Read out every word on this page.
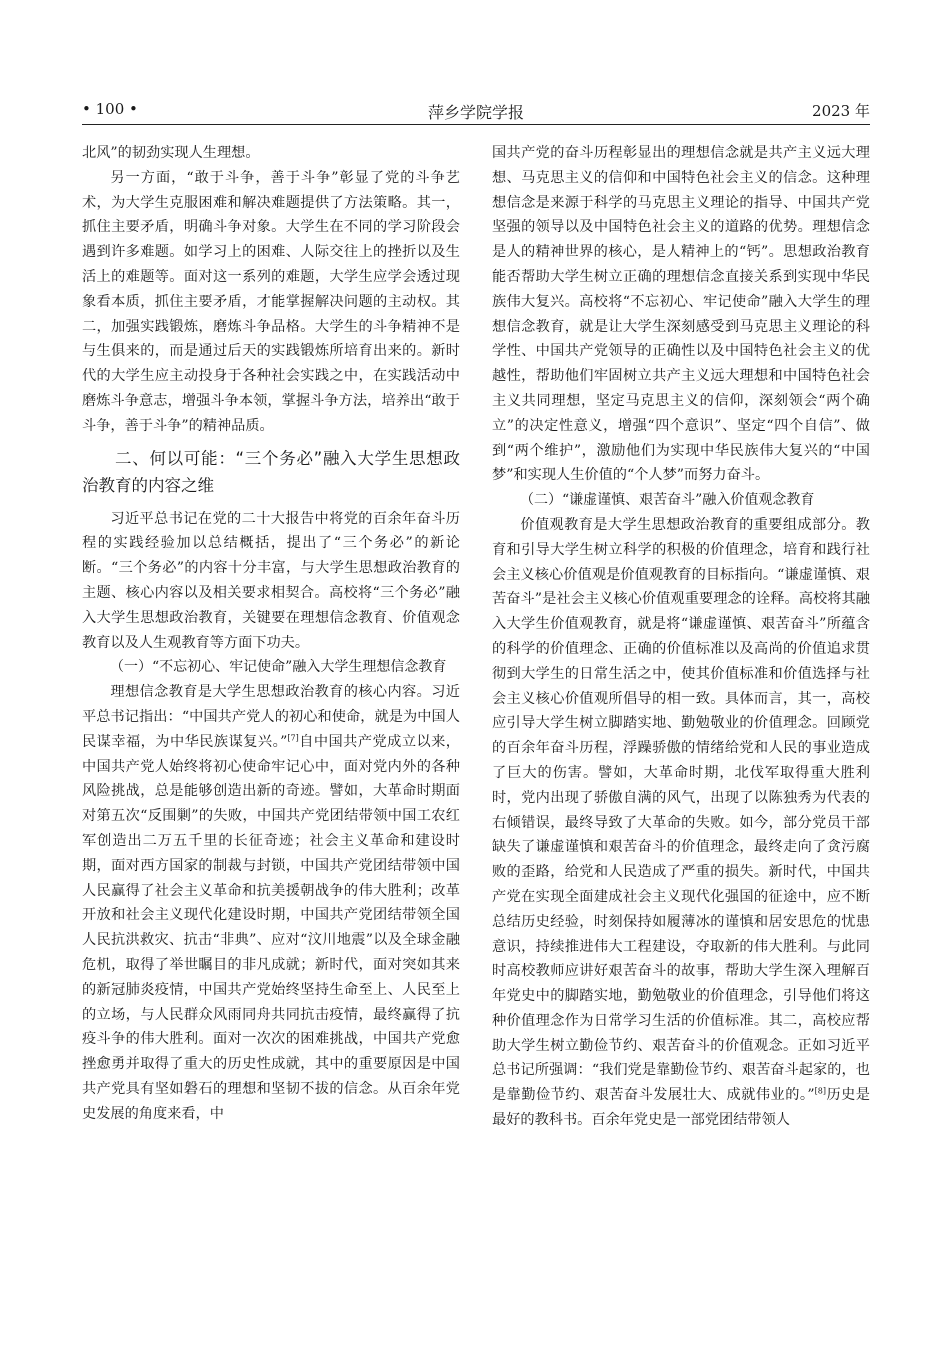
• 100 •	萍乡学院学报	2023 年

北风”的韧劲实现人生理想。

另一方面，“敢于斗争，善于斗争”彰显了党的斗争艺术，为大学生克服困难和解决难题提供了方法策略。其一，抓住主要矛盾，明确斗争对象。大学生在不同的学习阶段会遇到许多难题。如学习上的困难、人际交往上的挫折以及生活上的难题等。面对这一系列的难题，大学生应学会透过现象看本质，抓住主要矛盾，才能掌握解决问题的主动权。其二，加强实践锻炼，磨炼斗争品格。大学生的斗争精神不是与生俱来的，而是通过后天的实践锻炼所培育出来的。新时代的大学生应主动投身于各种社会实践之中，在实践活动中磨炼斗争意志，增强斗争本领，掌握斗争方法，培养出“敢于斗争，善于斗争”的精神品质。

二、何以可能：“三个务必”融入大学生思想政治教育的内容之维

习近平总书记在党的二十大报告中将党的百余年奋斗历程的实践经验加以总结概括，提出了“三个务必”的新论断。“三个务必”的内容十分丰富，与大学生思想政治教育的主题、核心内容以及相关要求相契合。高校将“三个务必”融入大学生思想政治教育，关键要在理想信念教育、价值观念教育以及人生观教育等方面下功夫。

（一）“不忘初心、牢记使命”融入大学生理想信念教育

理想信念教育是大学生思想政治教育的核心内容。习近平总书记指出：“中国共产党人的初心和使命，就是为中国人民谋幸福，为中华民族谋复兴。”[7]自中国共产党成立以来，中国共产党人始终将初心使命牢记心中，面对党内外的各种风险挑战，总是能够创造出新的奇迹。譬如，大革命时期面对第五次“反围剿”的失败，中国共产党团结带领中国工农红军创造出二万五千里的长征奇迹；社会主义革命和建设时期，面对西方国家的制裁与封锁，中国共产党团结带领中国人民赢得了社会主义革命和抗美援朝战争的伟大胜利；改革开放和社会主义现代化建设时期，中国共产党团结带领全国人民抗洪救灾、抗击“非典”、应对“汶川地震”以及全球金融危机，取得了举世瞩目的非凡成就；新时代，面对突如其来的新冠肺炎疫情，中国共产党始终坚持生命至上、人民至上的立场，与人民群众风雨同舟共同抗击疫情，最终赢得了抗疫斗争的伟大胜利。面对一次次的困难挑战，中国共产党愈挫愈勇并取得了重大的历史性成就，其中的重要原因是中国共产党具有坚如磐石的理想和坚韧不拔的信念。从百余年党史发展的角度来看，中

国共产党的奋斗历程彰显出的理想信念就是共产主义远大理想、马克思主义的信仰和中国特色社会主义的信念。这种理想信念是来源于科学的马克思主义理论的指导、中国共产党坚强的领导以及中国特色社会主义的道路的优势。理想信念是人的精神世界的核心，是人精神上的“钙”。思想政治教育能否帮助大学生树立正确的理想信念直接关系到实现中华民族伟大复兴。高校将“不忘初心、牢记使命”融入大学生的理想信念教育，就是让大学生深刻感受到马克思主义理论的科学性、中国共产党领导的正确性以及中国特色社会主义的优越性，帮助他们牢固树立共产主义远大理想和中国特色社会主义共同理想，坚定马克思主义的信仰，深刻领会“两个确立”的决定性意义，增强“四个意识”、坚定“四个自信”、做到“两个维护”，激励他们为实现中华民族伟大复兴的“中国梦”和实现人生价值的“个人梦”而努力奋斗。

（二）“谦虚谨慎、艰苦奋斗”融入价值观念教育

价值观教育是大学生思想政治教育的重要组成部分。教育和引导大学生树立科学的积极的价值理念，培育和践行社会主义核心价值观是价值观教育的目标指向。“谦虚谨慎、艰苦奋斗”是社会主义核心价值观重要理念的诠释。高校将其融入大学生价值观教育，就是将“谦虚谨慎、艰苦奋斗”所蕴含的科学的价值理念、正确的价值标准以及高尚的价值追求贯彻到大学生的日常生活之中，使其价值标准和价值选择与社会主义核心价值观所倡导的相一致。具体而言，其一，高校应引导大学生树立脚踏实地、勤勉敬业的价值理念。回顾党的百余年奋斗历程，浮躁骄傲的情绪给党和人民的事业造成了巨大的伤害。譬如，大革命时期，北伐军取得重大胜利时，党内出现了骄傲自满的风气，出现了以陈独秀为代表的右倾错误，最终导致了大革命的失败。如今，部分党员干部缺失了谦虚谨慎和艰苦奋斗的价值理念，最终走向了贪污腐败的歪路，给党和人民造成了严重的损失。新时代，中国共产党在实现全面建成社会主义现代化强国的征途中，应不断总结历史经验，时刻保持如履薄冰的谨慎和居安思危的忧患意识，持续推进伟大工程建设，夺取新的伟大胜利。与此同时高校教师应讲好艰苦奋斗的故事，帮助大学生深入理解百年党史中的脚踏实地，勤勉敬业的价值理念，引导他们将这种价值理念作为日常学习生活的价值标准。其二，高校应帮助大学生树立勤俭节约、艰苦奋斗的价值观念。正如习近平总书记所强调：“我们党是靠勤俭节约、艰苦奋斗起家的，也是靠勤俭节约、艰苦奋斗发展壮大、成就伟业的。”[8]历史是最好的教科书。百余年党史是一部党团结带领人
